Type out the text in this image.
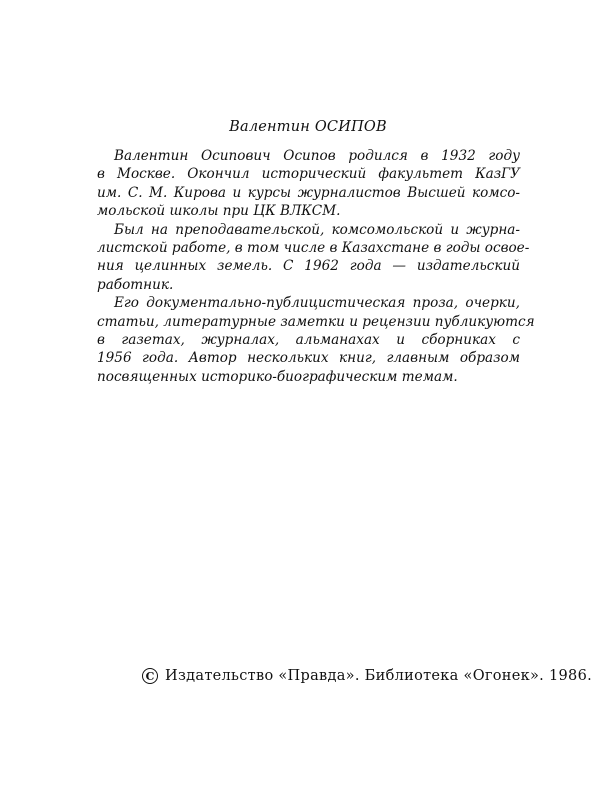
Валентин ОСИПОВ

Валентин Осипович Осипов родился в 1932 году
в Москве. Окончил исторический факультет КазГУ
им. С. М. Кирова и курсы журналистов Высшей комсо-
мольской школы при ЦК ВЛКСМ.

Был на преподавательской, комсомольской и журна-
листской работе, в том числе в Казахстане в годы освое-
ния целинных земель. С 1962 года — издательский
работник.

Его документально-публицистическая проза, очерки,
статьи, литературные заметки и рецензии публикуются
в газетах, журналах, альманахах и сборниках с
1956 года. Автор нескольких книг, главным образом
посвященных историко-биографическим темам.

C Издательство «Правда». Библиотека «Огонек». 1986.
